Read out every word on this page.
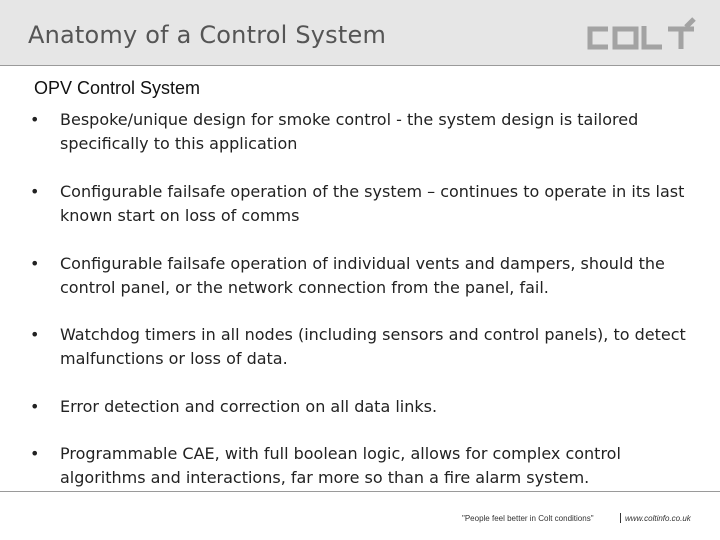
Anatomy of a Control System
OPV Control System
• Bespoke/unique design for smoke control - the system design is tailored specifically to this application
• Configurable failsafe operation of the system – continues to operate in its last known start on loss of comms
• Configurable failsafe operation of individual vents and dampers, should the control panel, or the network connection from the panel, fail.
• Watchdog timers in all nodes (including sensors and control panels), to detect malfunctions or loss of data.
• Error detection and correction on all data links.
• Programmable CAE, with full boolean logic, allows for complex control algorithms and interactions, far more so than a fire alarm system.
"People feel better in Colt conditions"	www.coltinfo.co.uk
